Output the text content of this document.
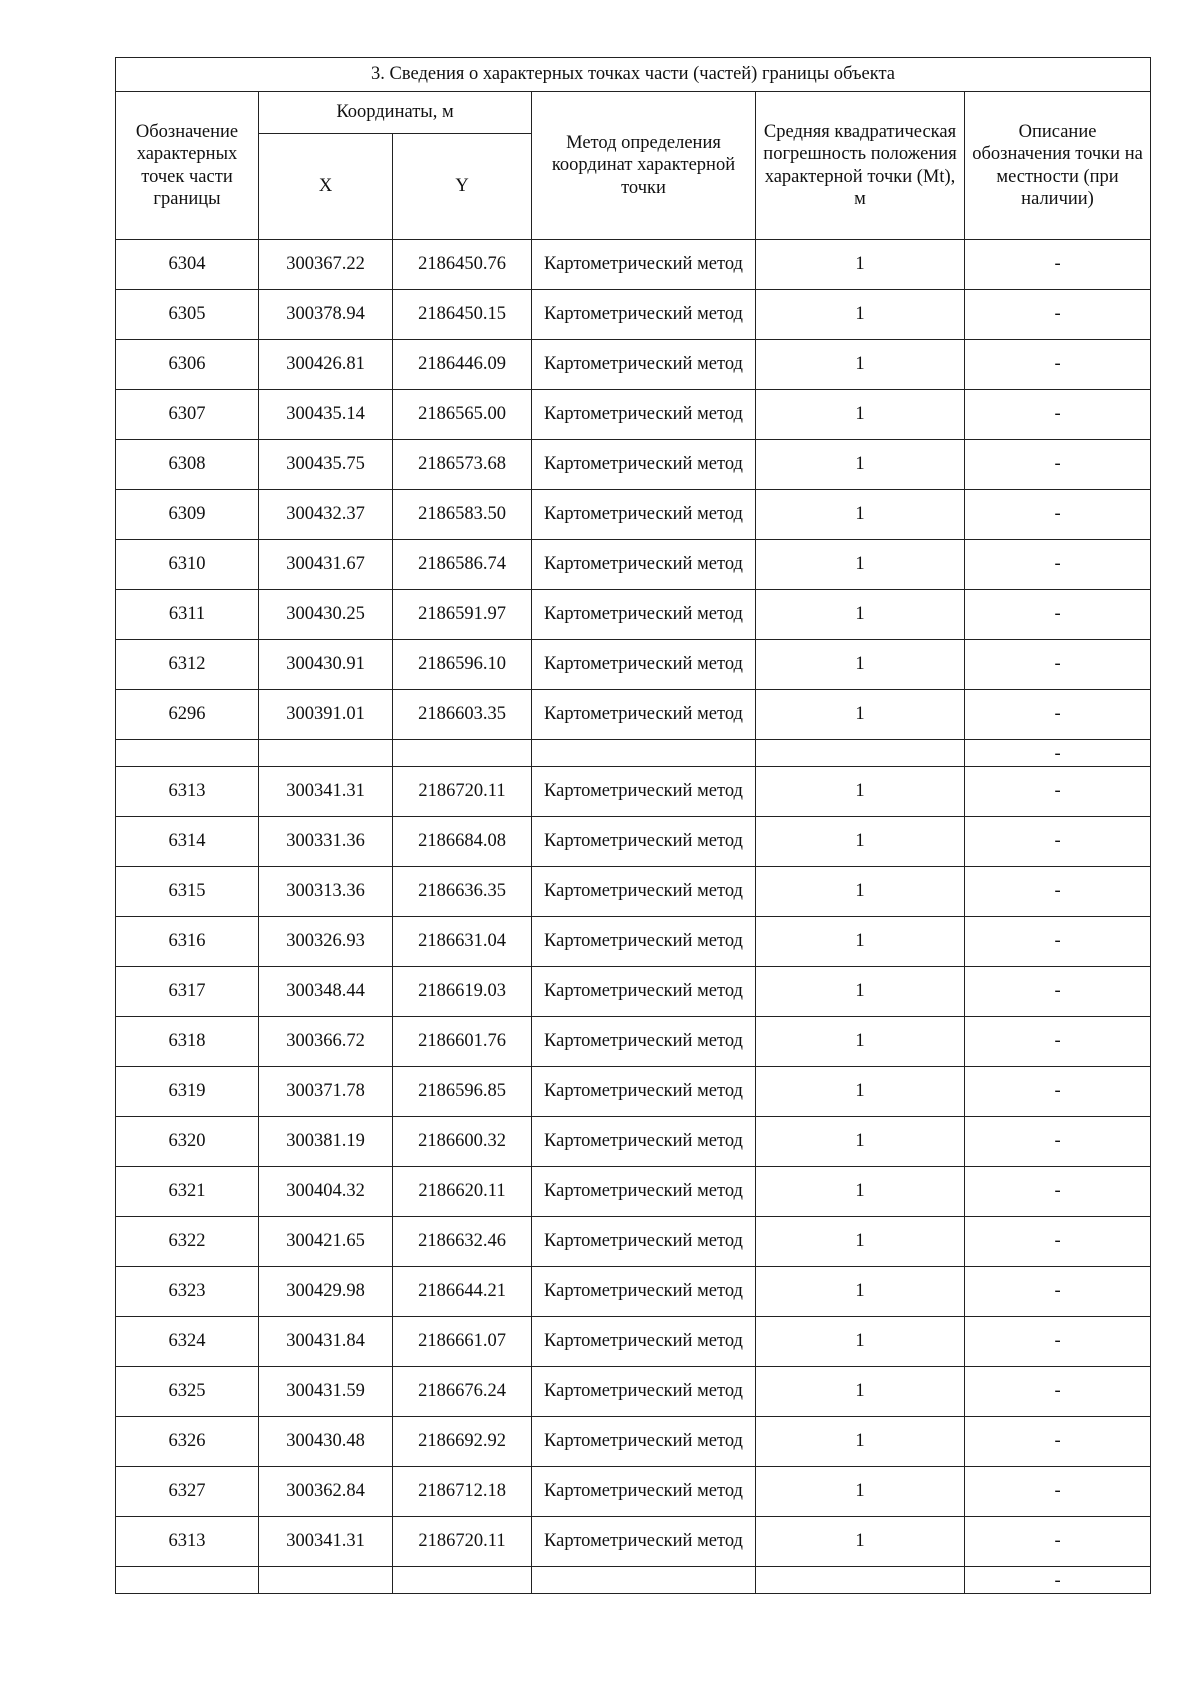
3. Сведения о характерных точках части (частей) границы объекта					
Обозначение характерных точек части границы	Координаты, м		Метод определения координат характерной точки	Средняя квадратическая погрешность положения характерной точки (Mt), м	Описание обозначения точки на местности (при наличии)
	X	Y			
6304	300367.22	2186450.76	Картометрический метод	1	-
6305	300378.94	2186450.15	Картометрический метод	1	-
6306	300426.81	2186446.09	Картометрический метод	1	-
6307	300435.14	2186565.00	Картометрический метод	1	-
6308	300435.75	2186573.68	Картометрический метод	1	-
6309	300432.37	2186583.50	Картометрический метод	1	-
6310	300431.67	2186586.74	Картометрический метод	1	-
6311	300430.25	2186591.97	Картометрический метод	1	-
6312	300430.91	2186596.10	Картометрический метод	1	-
6296	300391.01	2186603.35	Картометрический метод	1	-
					-
6313	300341.31	2186720.11	Картометрический метод	1	-
6314	300331.36	2186684.08	Картометрический метод	1	-
6315	300313.36	2186636.35	Картометрический метод	1	-
6316	300326.93	2186631.04	Картометрический метод	1	-
6317	300348.44	2186619.03	Картометрический метод	1	-
6318	300366.72	2186601.76	Картометрический метод	1	-
6319	300371.78	2186596.85	Картометрический метод	1	-
6320	300381.19	2186600.32	Картометрический метод	1	-
6321	300404.32	2186620.11	Картометрический метод	1	-
6322	300421.65	2186632.46	Картометрический метод	1	-
6323	300429.98	2186644.21	Картометрический метод	1	-
6324	300431.84	2186661.07	Картометрический метод	1	-
6325	300431.59	2186676.24	Картометрический метод	1	-
6326	300430.48	2186692.92	Картометрический метод	1	-
6327	300362.84	2186712.18	Картометрический метод	1	-
6313	300341.31	2186720.11	Картометрический метод	1	-
					-
